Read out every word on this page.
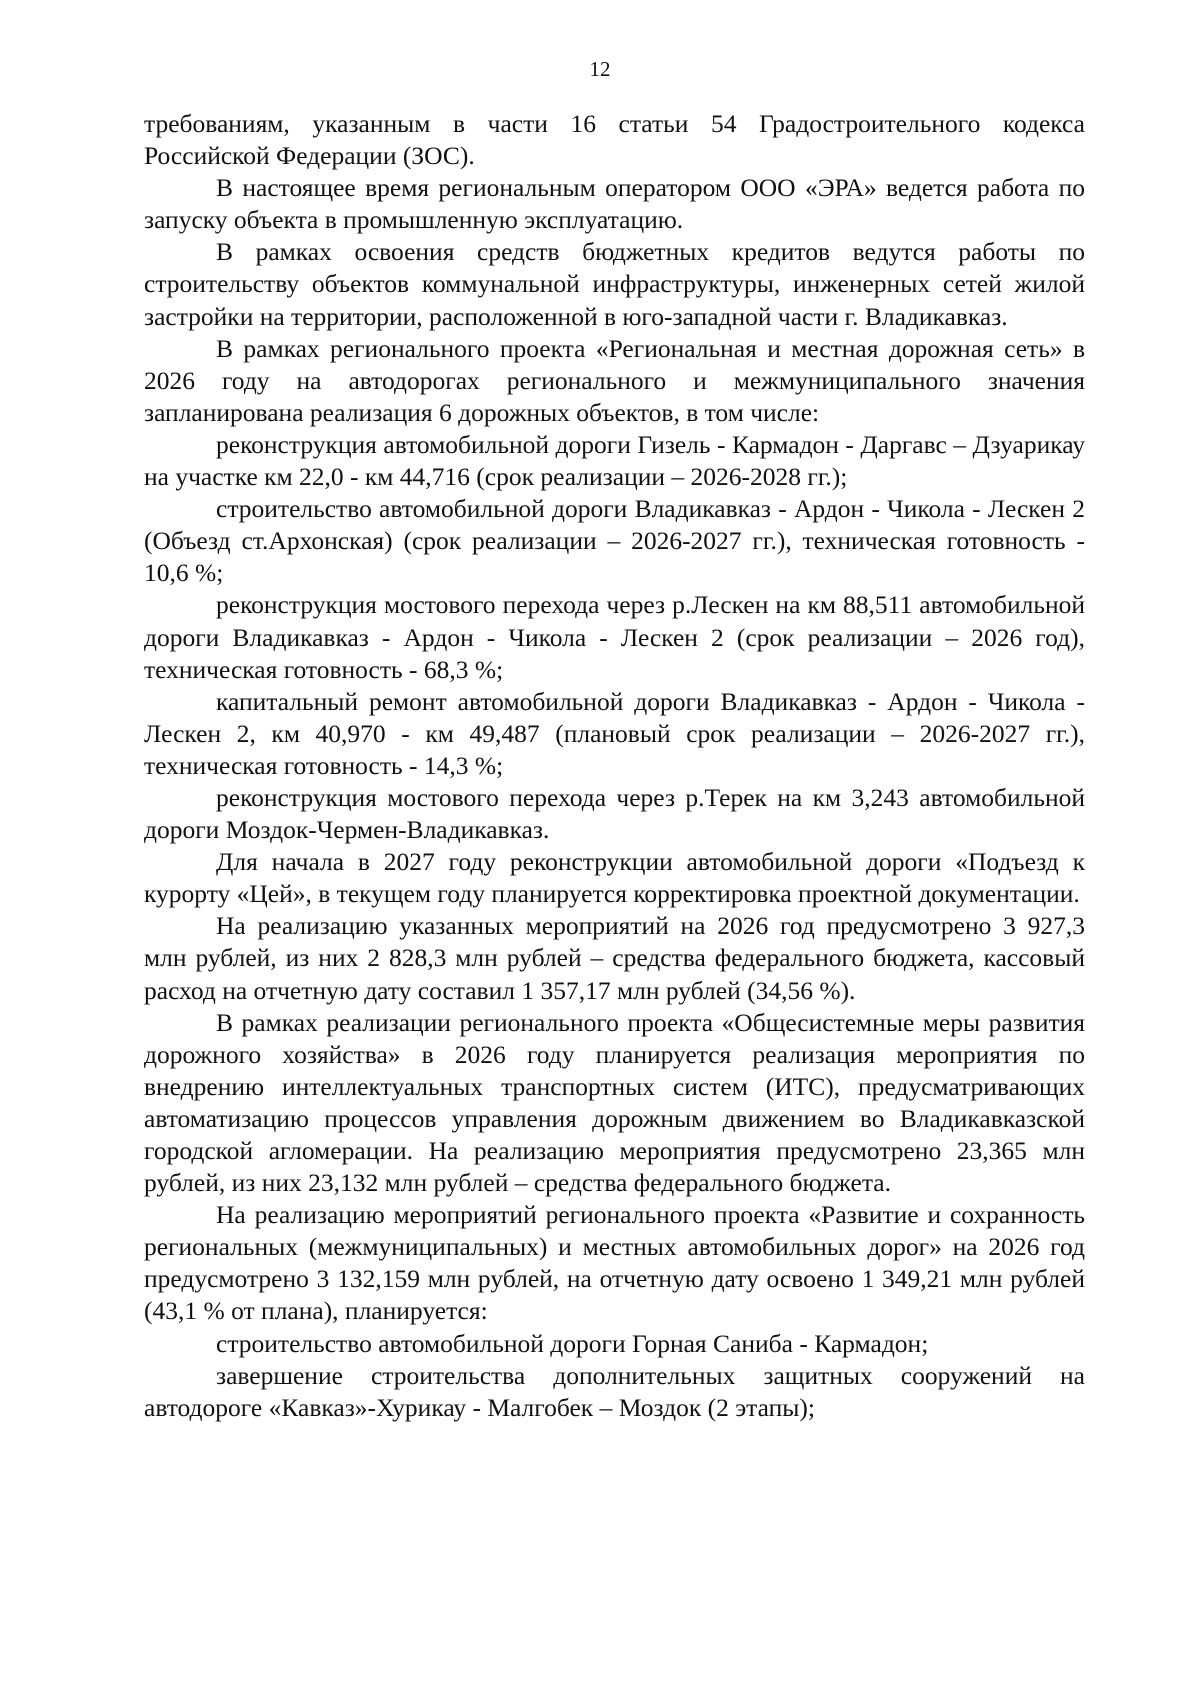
12

требованиям, указанным в части 16 статьи 54 Градостроительного кодекса Российской Федерации (ЗОС).

В настоящее время региональным оператором ООО «ЭРА» ведется работа по запуску объекта в промышленную эксплуатацию.

В рамках освоения средств бюджетных кредитов ведутся работы по строительству объектов коммунальной инфраструктуры, инженерных сетей жилой застройки на территории, расположенной в юго-западной части г. Владикавказ.

В рамках регионального проекта «Региональная и местная дорожная сеть» в 2026 году на автодорогах регионального и межмуниципального значения запланирована реализация 6 дорожных объектов, в том числе:

реконструкция автомобильной дороги Гизель - Кармадон - Даргавс – Дзуарикау на участке км 22,0 - км 44,716 (срок реализации – 2026-2028 гг.);

строительство автомобильной дороги Владикавказ - Ардон - Чикола - Лескен 2 (Объезд ст.Архонская) (срок реализации – 2026-2027 гг.), техническая готовность - 10,6 %;

реконструкция мостового перехода через р.Лескен на км 88,511 автомобильной дороги Владикавказ - Ардон - Чикола - Лескен 2 (срок реализации – 2026 год), техническая готовность - 68,3 %;

капитальный ремонт автомобильной дороги Владикавказ - Ардон - Чикола - Лескен 2, км 40,970 - км 49,487 (плановый срок реализации – 2026-2027 гг.), техническая готовность - 14,3 %;

реконструкция мостового перехода через р.Терек на км 3,243 автомобильной дороги Моздок-Чермен-Владикавказ.

Для начала в 2027 году реконструкции автомобильной дороги «Подъезд к курорту «Цей», в текущем году планируется корректировка проектной документации.

На реализацию указанных мероприятий на 2026 год предусмотрено 3 927,3 млн рублей, из них 2 828,3 млн рублей – средства федерального бюджета, кассовый расход на отчетную дату составил 1 357,17 млн рублей (34,56 %).

В рамках реализации регионального проекта «Общесистемные меры развития дорожного хозяйства» в 2026 году планируется реализация мероприятия по внедрению интеллектуальных транспортных систем (ИТС), предусматривающих автоматизацию процессов управления дорожным движением во Владикавказской городской агломерации. На реализацию мероприятия предусмотрено 23,365 млн рублей, из них 23,132 млн рублей – средства федерального бюджета.

На реализацию мероприятий регионального проекта «Развитие и сохранность региональных (межмуниципальных) и местных автомобильных дорог» на 2026 год предусмотрено 3 132,159 млн рублей, на отчетную дату освоено 1 349,21 млн рублей (43,1 % от плана), планируется:

строительство автомобильной дороги Горная Саниба - Кармадон;

завершение строительства дополнительных защитных сооружений на автодороге «Кавказ»-Хурикау - Малгобек – Моздок (2 этапы);
